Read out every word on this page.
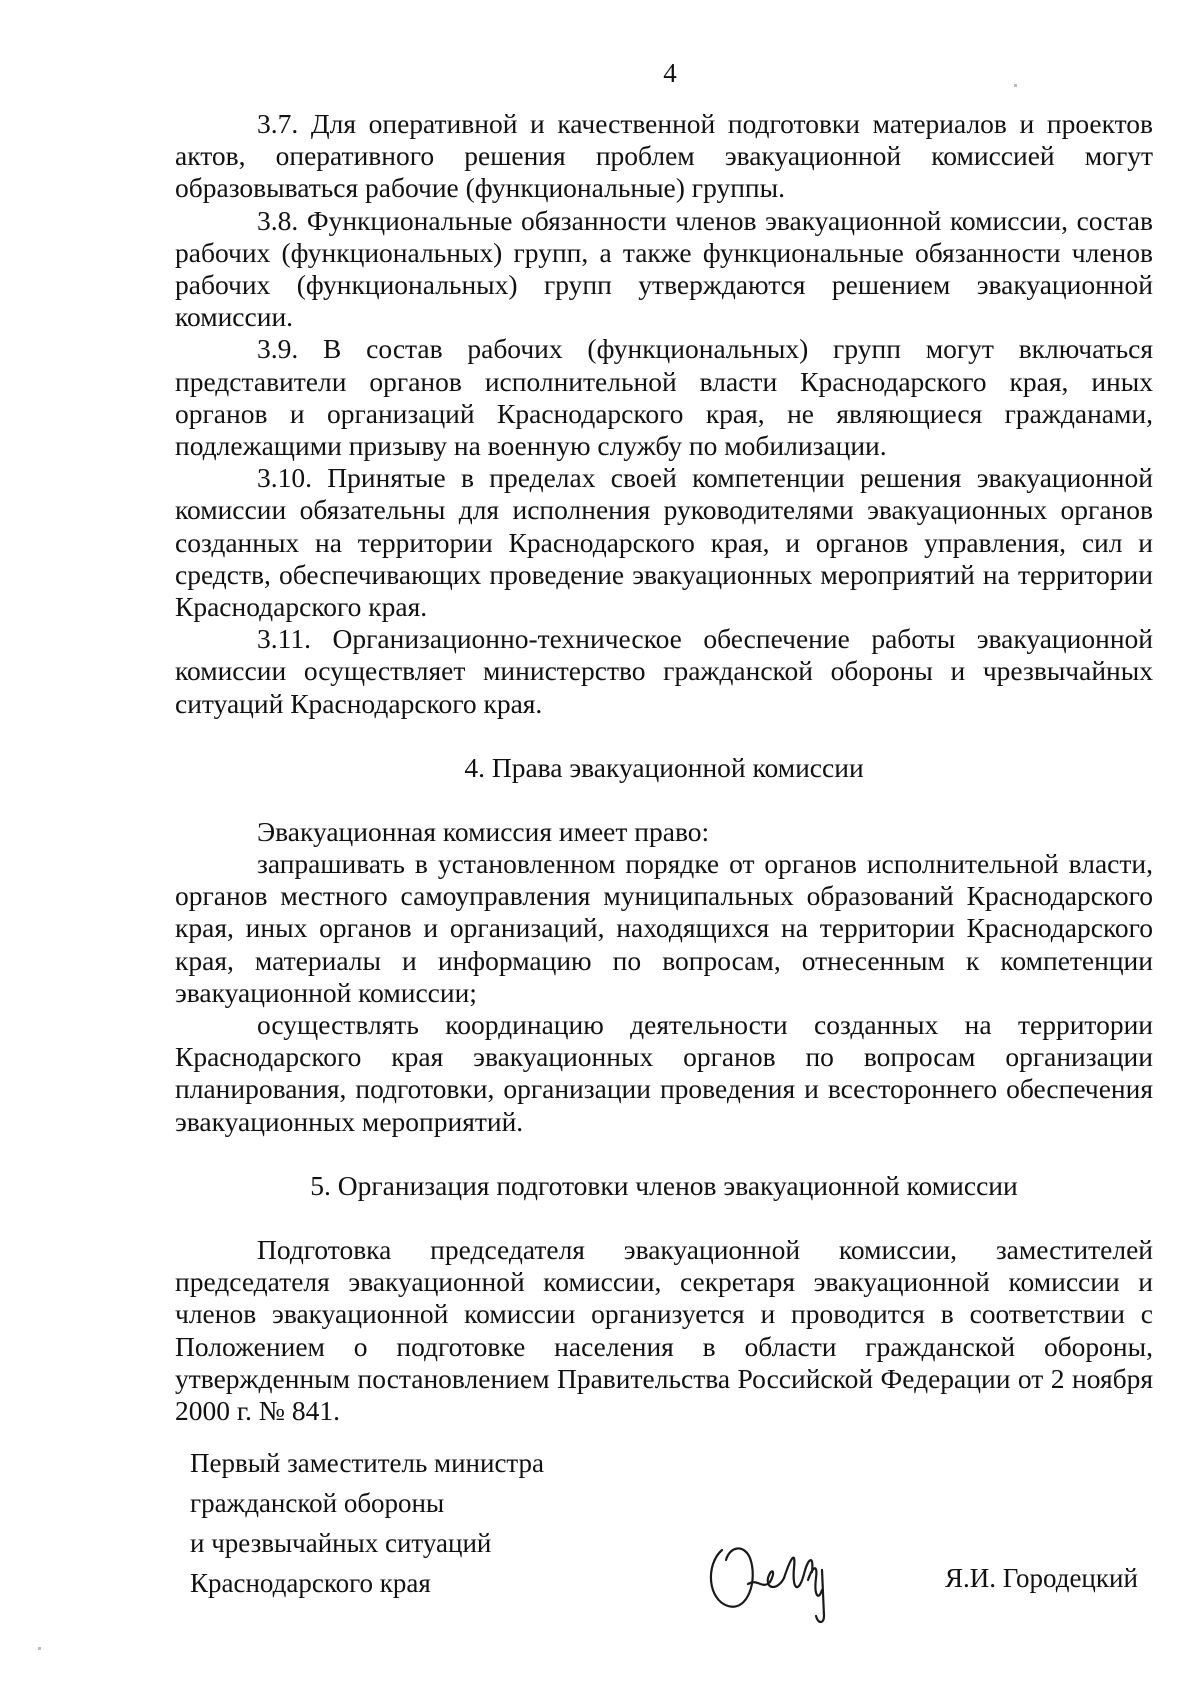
4

3.7. Для оперативной и качественной подготовки материалов и проектов актов, оперативного решения проблем эвакуационной комиссией могут образовываться рабочие (функциональные) группы.

3.8. Функциональные обязанности членов эвакуационной комиссии, состав рабочих (функциональных) групп, а также функциональные обязанности членов рабочих (функциональных) групп утверждаются решением эвакуационной комиссии.

3.9. В состав рабочих (функциональных) групп могут включаться представители органов исполнительной власти Краснодарского края, иных органов и организаций Краснодарского края, не являющиеся гражданами, подлежащими призыву на военную службу по мобилизации.

3.10. Принятые в пределах своей компетенции решения эвакуационной комиссии обязательны для исполнения руководителями эвакуационных органов созданных на территории Краснодарского края, и органов управления, сил и средств, обеспечивающих проведение эвакуационных мероприятий на территории Краснодарского края.

3.11. Организационно-техническое обеспечение работы эвакуационной комиссии осуществляет министерство гражданской обороны и чрезвычайных ситуаций Краснодарского края.

4. Права эвакуационной комиссии

Эвакуационная комиссия имеет право:

запрашивать в установленном порядке от органов исполнительной власти, органов местного самоуправления муниципальных образований Краснодарского края, иных органов и организаций, находящихся на территории Краснодарского края, материалы и информацию по вопросам, отнесенным к компетенции эвакуационной комиссии;

осуществлять координацию деятельности созданных на территории Краснодарского края эвакуационных органов по вопросам организации планирования, подготовки, организации проведения и всестороннего обеспечения эвакуационных мероприятий.

5. Организация подготовки членов эвакуационной комиссии

Подготовка председателя эвакуационной комиссии, заместителей председателя эвакуационной комиссии, секретаря эвакуационной комиссии и членов эвакуационной комиссии организуется и проводится в соответствии с Положением о подготовке населения в области гражданской обороны, утвержденным постановлением Правительства Российской Федерации от 2 ноября 2000 г. № 841.

Первый заместитель министра
гражданской обороны
и чрезвычайных ситуаций
Краснодарского края	Я.И. Городецкий
